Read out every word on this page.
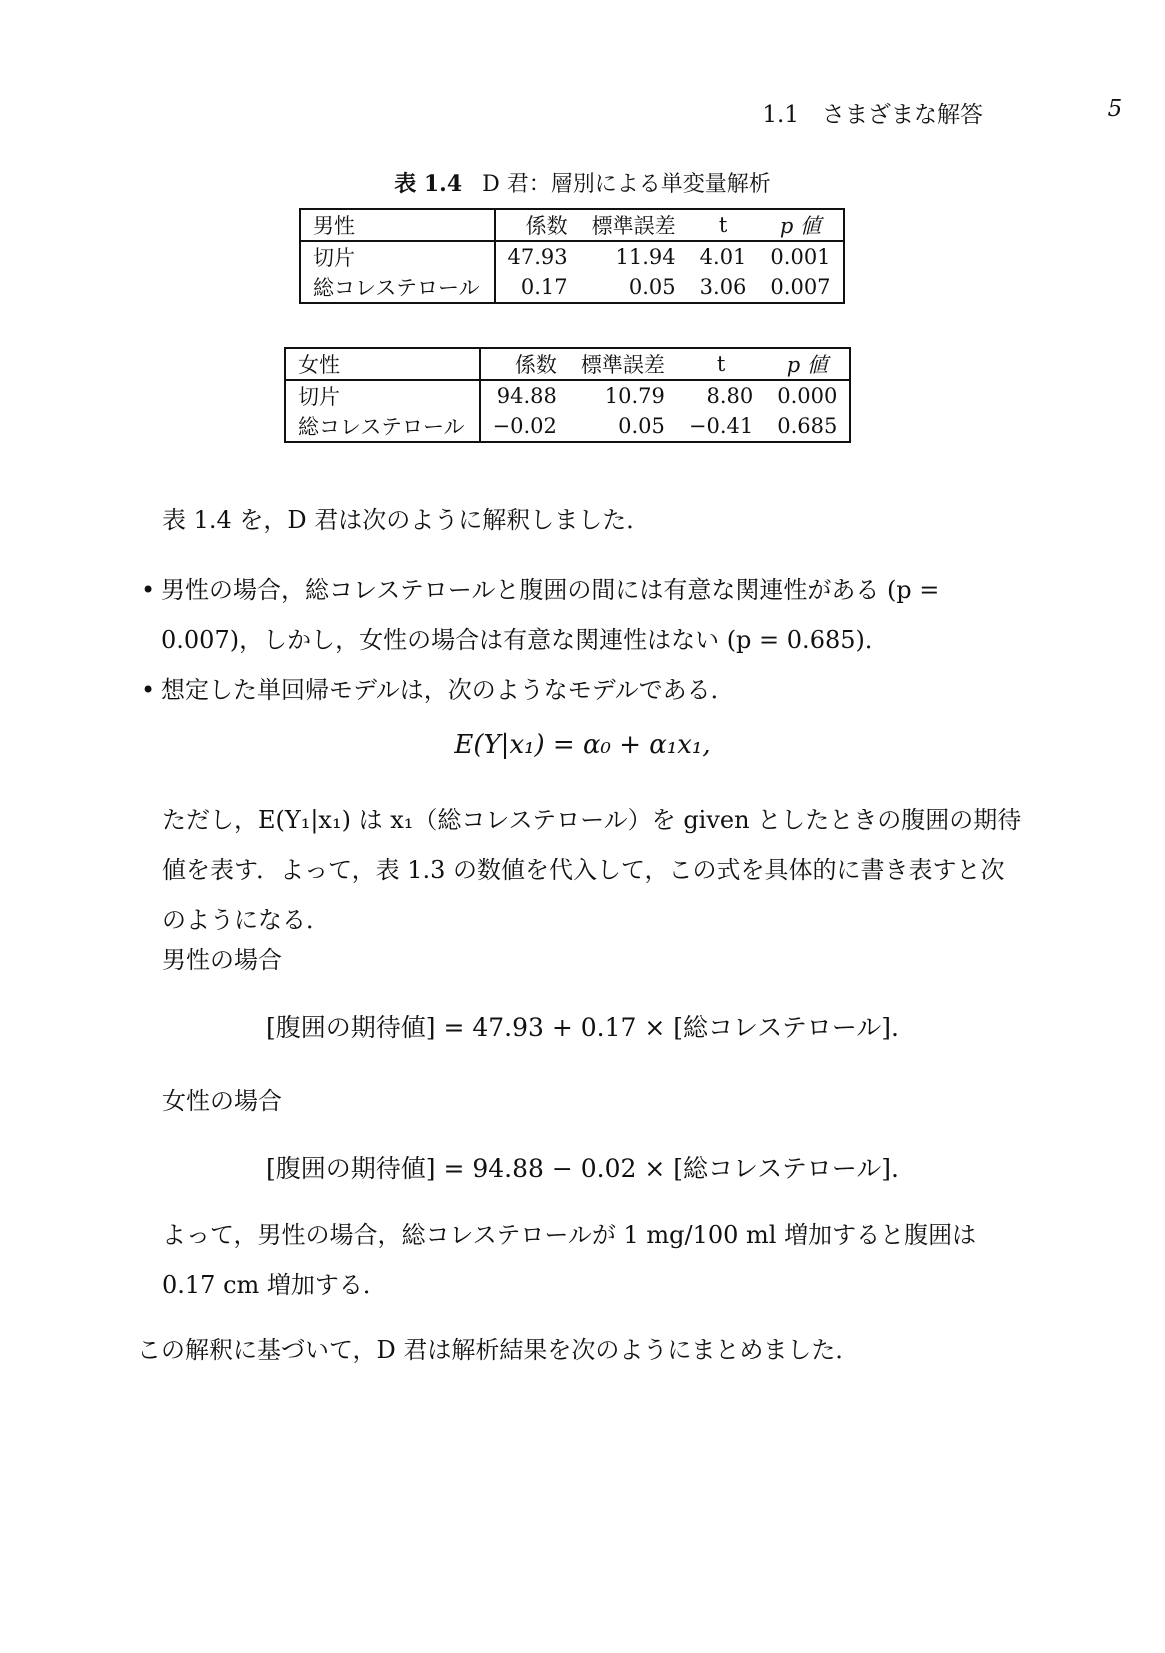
1.1　さまざまな解答	5
表 1.4 D 君：層別による単変量解析
男性	係数	標準誤差	t	p 値
切片	47.93	11.94	4.01	0.001
総コレステロール	0.17	0.05	3.06	0.007
女性	係数	標準誤差	t	p 値
切片	94.88	10.79	8.80	0.000
総コレステロール	−0.02	0.05	−0.41	0.685
表 1.4 を，D 君は次のように解釈しました．
• 男性の場合，総コレステロールと腹囲の間には有意な関連性がある (p = 0.007)，しかし，女性の場合は有意な関連性はない (p = 0.685)．
• 想定した単回帰モデルは，次のようなモデルである．
E(Y|x₁) = α₀ + α₁x₁,
ただし，E(Y₁|x₁) は x₁（総コレステロール）を given としたときの腹囲の期待値を表す．よって，表 1.3 の数値を代入して，この式を具体的に書き表すと次のようになる．
男性の場合
[腹囲の期待値] = 47.93 + 0.17 × [総コレステロール].
女性の場合
[腹囲の期待値] = 94.88 − 0.02 × [総コレステロール].
よって，男性の場合，総コレステロールが 1 mg/100 ml 増加すると腹囲は 0.17 cm 増加する．
この解釈に基づいて，D 君は解析結果を次のようにまとめました．
